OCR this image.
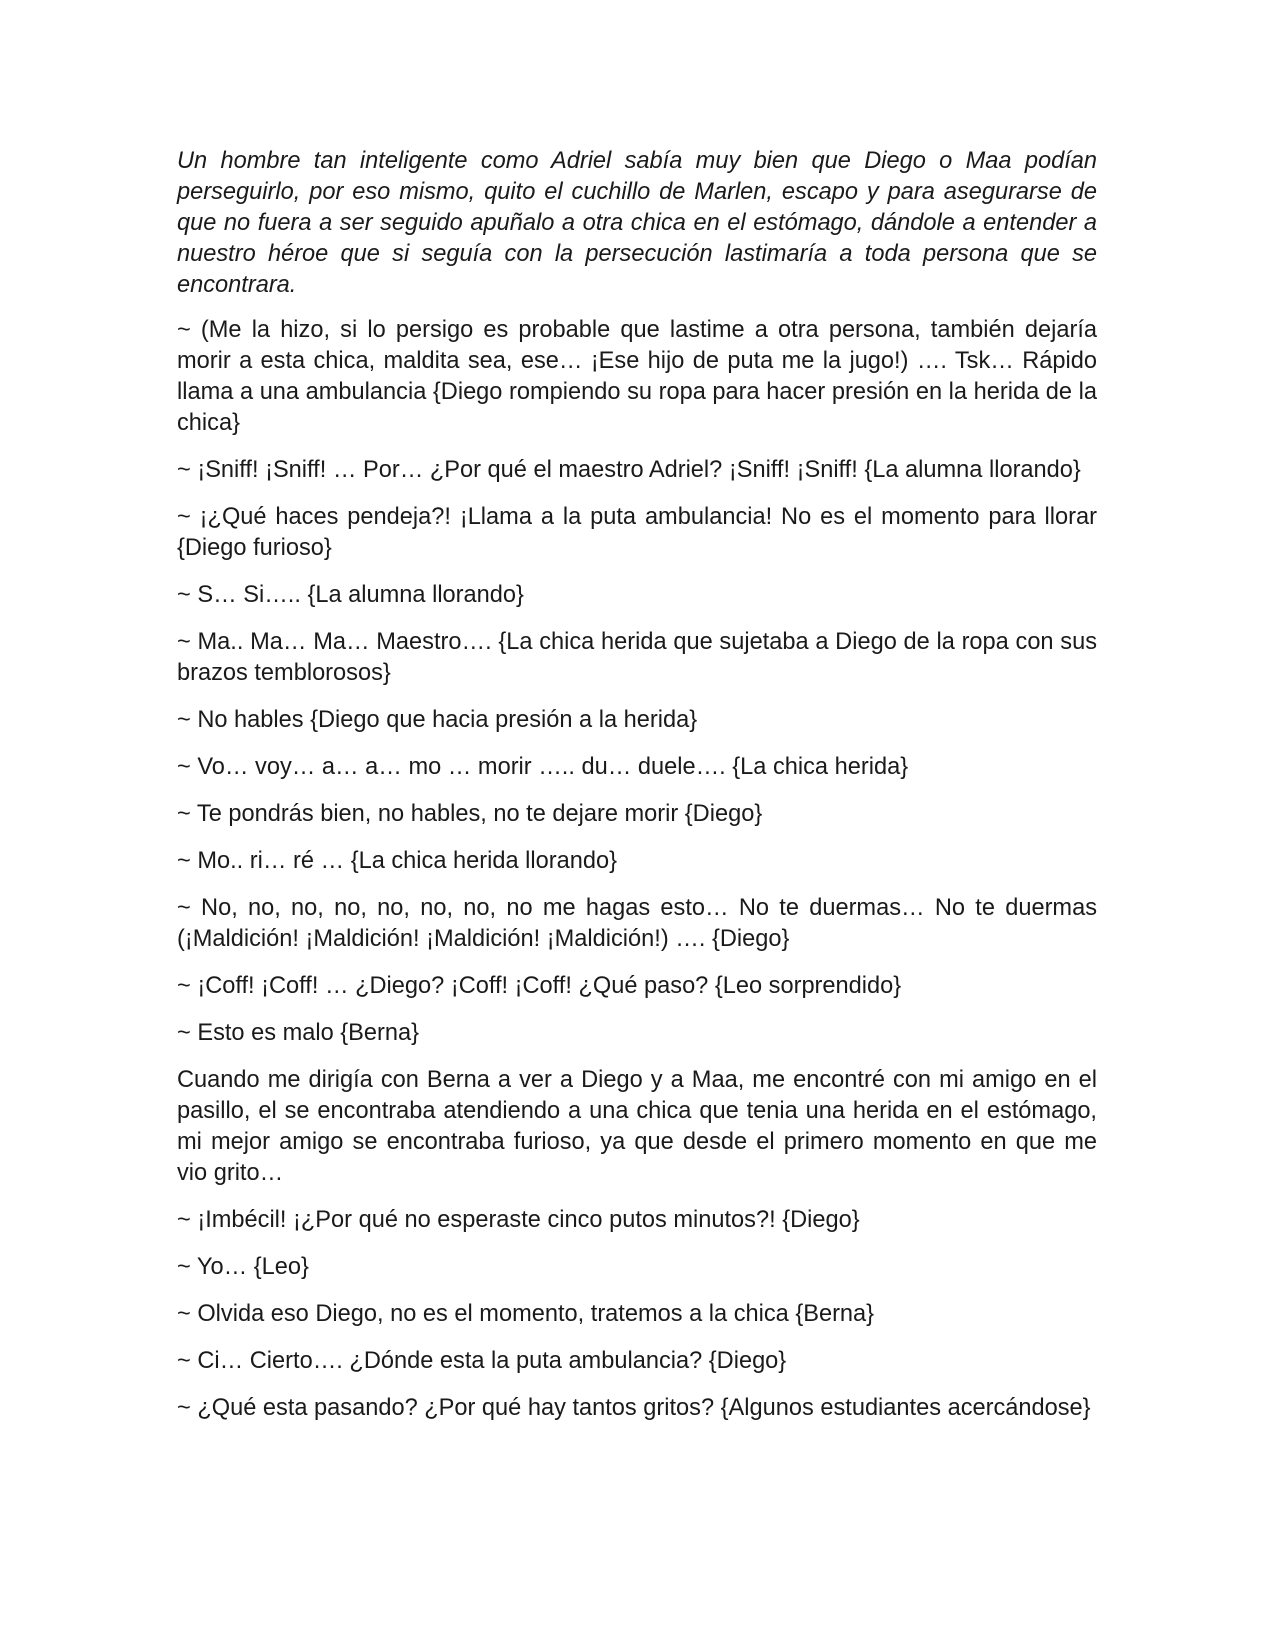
Un hombre tan inteligente como Adriel sabía muy bien que Diego o Maa podían perseguirlo, por eso mismo, quito el cuchillo de Marlen, escapo y para asegurarse de que no fuera a ser seguido apuñalo a otra chica en el estómago, dándole a entender a nuestro héroe que si seguía con la persecución lastimaría a toda persona que se encontrara.

~ (Me la hizo, si lo persigo es probable que lastime a otra persona, también dejaría morir a esta chica, maldita sea, ese… ¡Ese hijo de puta me la jugo!) …. Tsk… Rápido llama a una ambulancia {Diego rompiendo su ropa para hacer presión en la herida de la chica}

~ ¡Sniff! ¡Sniff! … Por… ¿Por qué el maestro Adriel? ¡Sniff! ¡Sniff! {La alumna llorando}

~ ¡¿Qué haces pendeja?! ¡Llama a la puta ambulancia! No es el momento para llorar {Diego furioso}

~ S… Si….. {La alumna llorando}

~ Ma.. Ma… Ma… Maestro…. {La chica herida que sujetaba a Diego de la ropa con sus brazos temblorosos}

~ No hables {Diego que hacia presión a la herida}

~ Vo… voy… a… a… mo … morir ….. du… duele…. {La chica herida}

~ Te pondrás bien, no hables, no te dejare morir {Diego}

~ Mo.. ri… ré … {La chica herida llorando}

~ No, no, no, no, no, no, no, no me hagas esto… No te duermas… No te duermas (¡Maldición! ¡Maldición! ¡Maldición! ¡Maldición!) …. {Diego}

~ ¡Coff! ¡Coff! … ¿Diego? ¡Coff! ¡Coff! ¿Qué paso? {Leo sorprendido}

~ Esto es malo {Berna}

Cuando me dirigía con Berna a ver a Diego y a Maa, me encontré con mi amigo en el pasillo, el se encontraba atendiendo a una chica que tenia una herida en el estómago, mi mejor amigo se encontraba furioso, ya que desde el primero momento en que me vio grito…

~ ¡Imbécil! ¡¿Por qué no esperaste cinco putos minutos?! {Diego}

~ Yo… {Leo}

~ Olvida eso Diego, no es el momento, tratemos a la chica {Berna}

~ Ci… Cierto…. ¿Dónde esta la puta ambulancia? {Diego}

~ ¿Qué esta pasando? ¿Por qué hay tantos gritos? {Algunos estudiantes acercándose}
